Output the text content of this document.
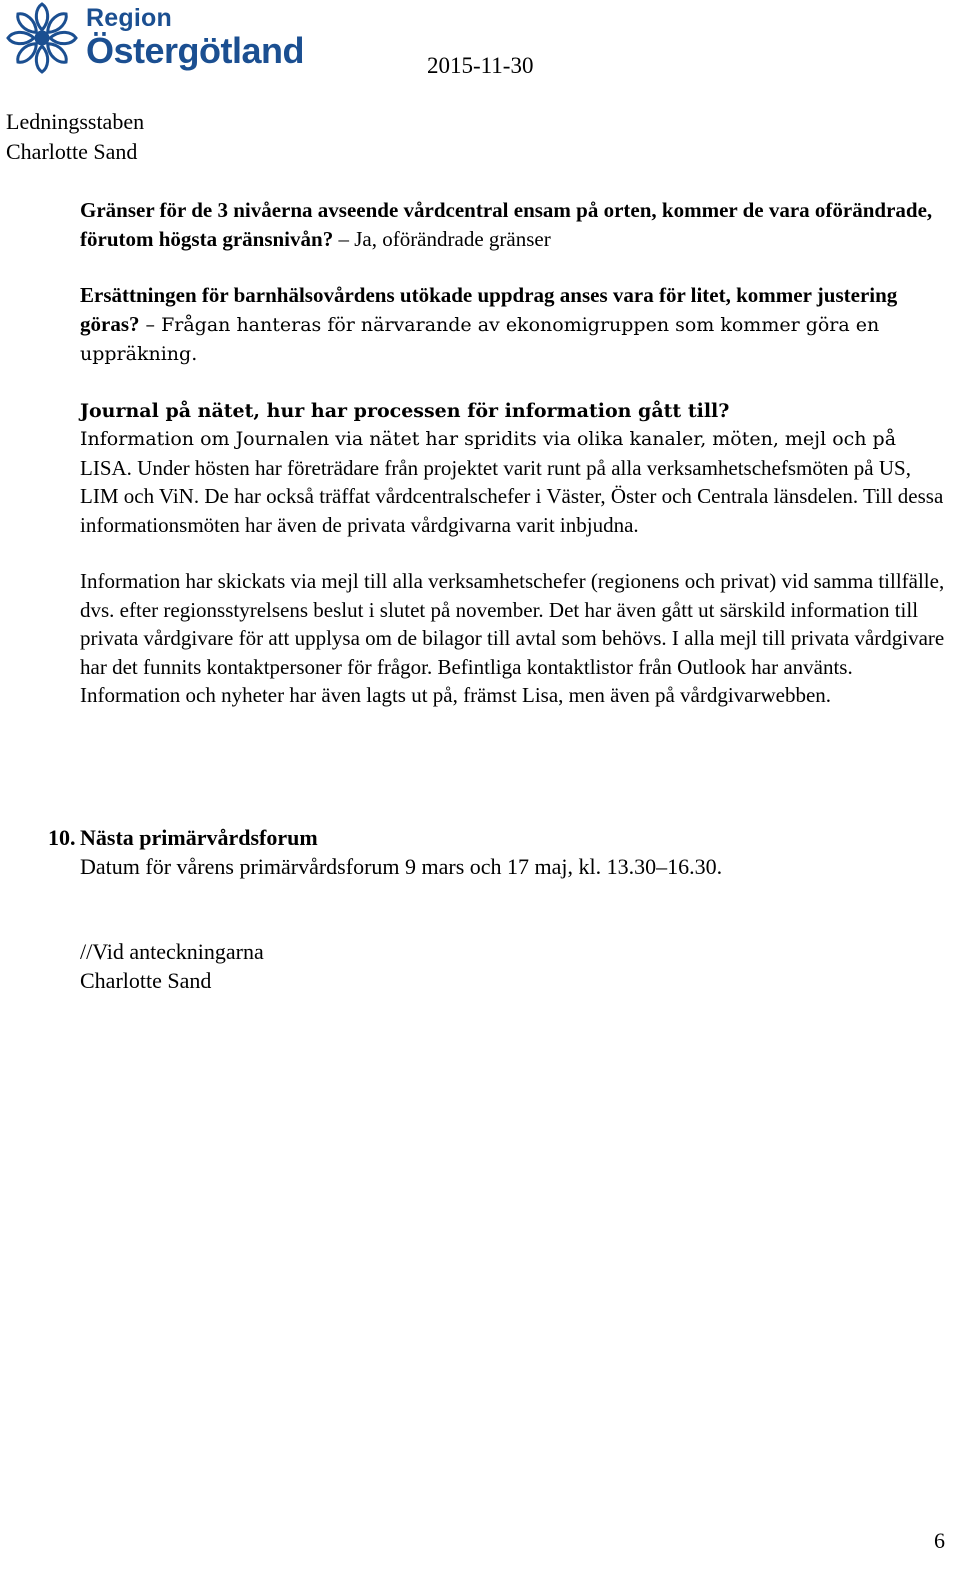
Region
Östergötland	2015-11-30
Ledningsstaben
Charlotte Sand

Gränser för de 3 nivåerna avseende vårdcentral ensam på orten, kommer de vara oförändrade, förutom högsta gränsnivån? – Ja, oförändrade gränser

Ersättningen för barnhälsovårdens utökade uppdrag anses vara för litet, kommer justering göras? – Frågan hanteras för närvarande av ekonomigruppen som kommer göra en uppräkning.

Journal på nätet, hur har processen för information gått till?
Information om Journalen via nätet har spridits via olika kanaler, möten, mejl och på

LISA. Under hösten har företrädare från projektet varit runt på alla verksamhetschefsmöten på US, LIM och ViN. De har också träffat vårdcentralschefer i Väster, Öster och Centrala länsdelen. Till dessa informationsmöten har även de privata vårdgivarna varit inbjudna.

Information har skickats via mejl till alla verksamhetschefer (regionens och privat) vid samma tillfälle, dvs. efter regionsstyrelsens beslut i slutet på november. Det har även gått ut särskild information till privata vårdgivare för att upplysa om de bilagor till avtal som behövs. I alla mejl till privata vårdgivare har det funnits kontaktpersoner för frågor. Befintliga kontaktlistor från Outlook har använts. Information och nyheter har även lagts ut på, främst Lisa, men även på vårdgivarwebben.

10. Nästa primärvårdsforum
Datum för vårens primärvårdsforum 9 mars och 17 maj, kl. 13.30–16.30.
//Vid anteckningarna
Charlotte Sand
6
